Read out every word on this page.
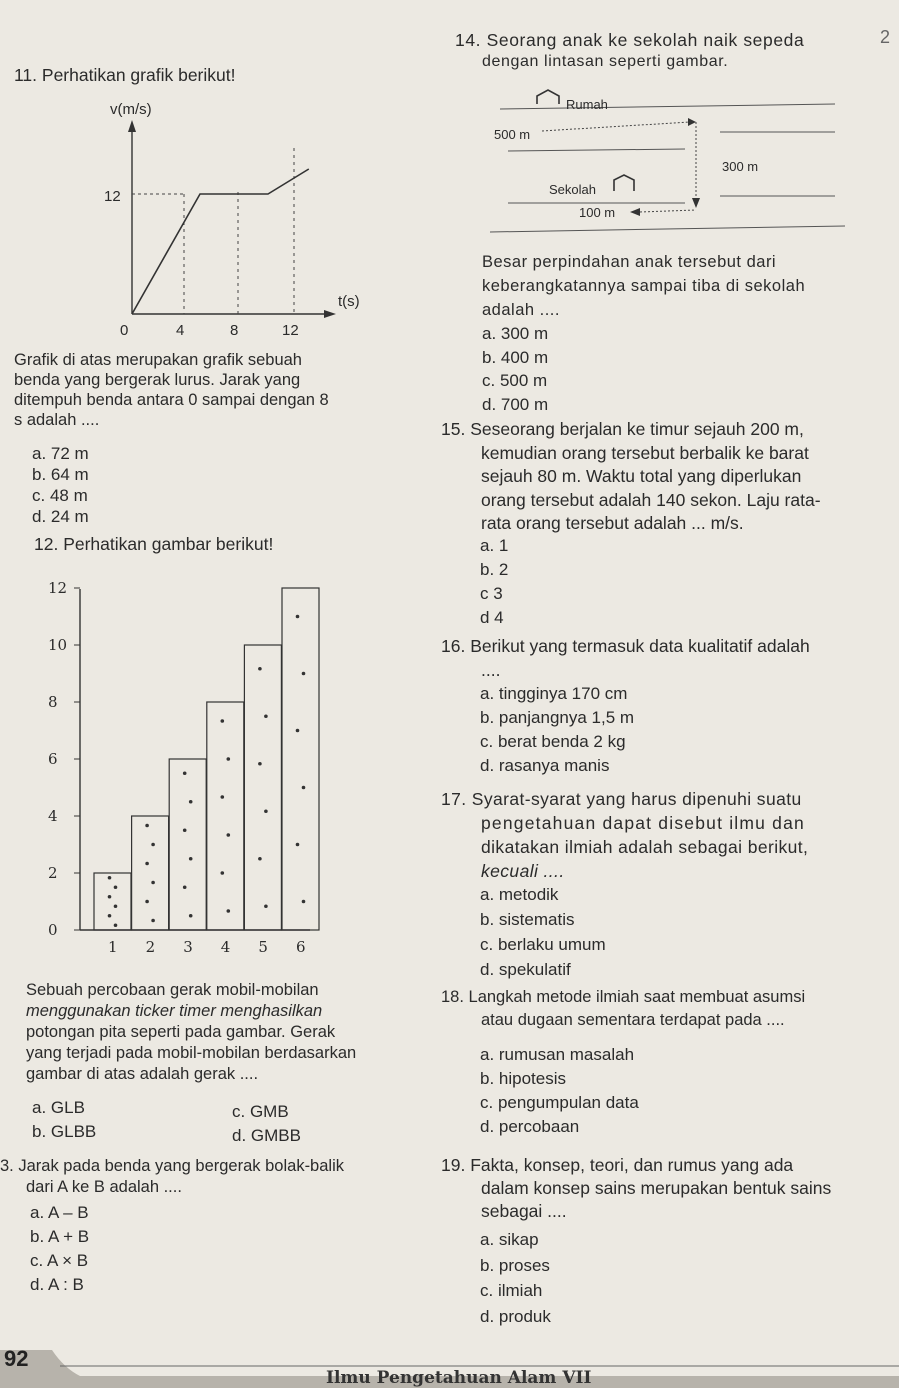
2
11. Perhatikan grafik berikut!
v(m/s)
t(s)
12
0	4	8	12
Grafik di atas merupakan grafik sebuah
benda yang bergerak lurus. Jarak yang
ditempuh benda antara 0 sampai dengan 8
s adalah ....
a. 72 m
b. 64 m
c. 48 m
d. 24 m
12. Perhatikan gambar berikut!
12
10
8
6
4
2
0
1 2 3 4 5 6
Sebuah percobaan gerak mobil-mobilan
menggunakan ticker timer menghasilkan
potongan pita seperti pada gambar. Gerak
yang terjadi pada mobil-mobilan berdasarkan
gambar di atas adalah gerak ....
a. GLB
b. GLBB
c. GMB
d. GMBB
3. Jarak pada benda yang bergerak bolak-balik
dari A ke B adalah ....
a. A – B
b. A + B
c. A × B
d. A : B
14. Seorang anak ke sekolah naik sepeda
dengan lintasan seperti gambar.
Rumah
500 m
300 m
100 m
Sekolah
Besar perpindahan anak tersebut dari
keberangkatannya sampai tiba di sekolah
adalah ....
a. 300 m
b. 400 m
c. 500 m
d. 700 m
15. Seseorang berjalan ke timur sejauh 200 m,
kemudian orang tersebut berbalik ke barat
sejauh 80 m. Waktu total yang diperlukan
orang tersebut adalah 140 sekon. Laju rata-
rata orang tersebut adalah ... m/s.
a. 1
b. 2
c 3
d 4
16. Berikut yang termasuk data kualitatif adalah
....
a. tingginya 170 cm
b. panjangnya 1,5 m
c. berat benda 2 kg
d. rasanya manis
17. Syarat-syarat yang harus dipenuhi suatu
pengetahuan dapat disebut ilmu dan
dikatakan ilmiah adalah sebagai berikut,
kecuali ....
a. metodik
b. sistematis
c. berlaku umum
d. spekulatif
18. Langkah metode ilmiah saat membuat asumsi
atau dugaan sementara terdapat pada ....
a. rumusan masalah
b. hipotesis
c. pengumpulan data
d. percobaan
19. Fakta, konsep, teori, dan rumus yang ada
dalam konsep sains merupakan bentuk sains
sebagai ....
a. sikap
b. proses
c. ilmiah
d. produk
92
Ilmu Pengetahuan Alam VII
